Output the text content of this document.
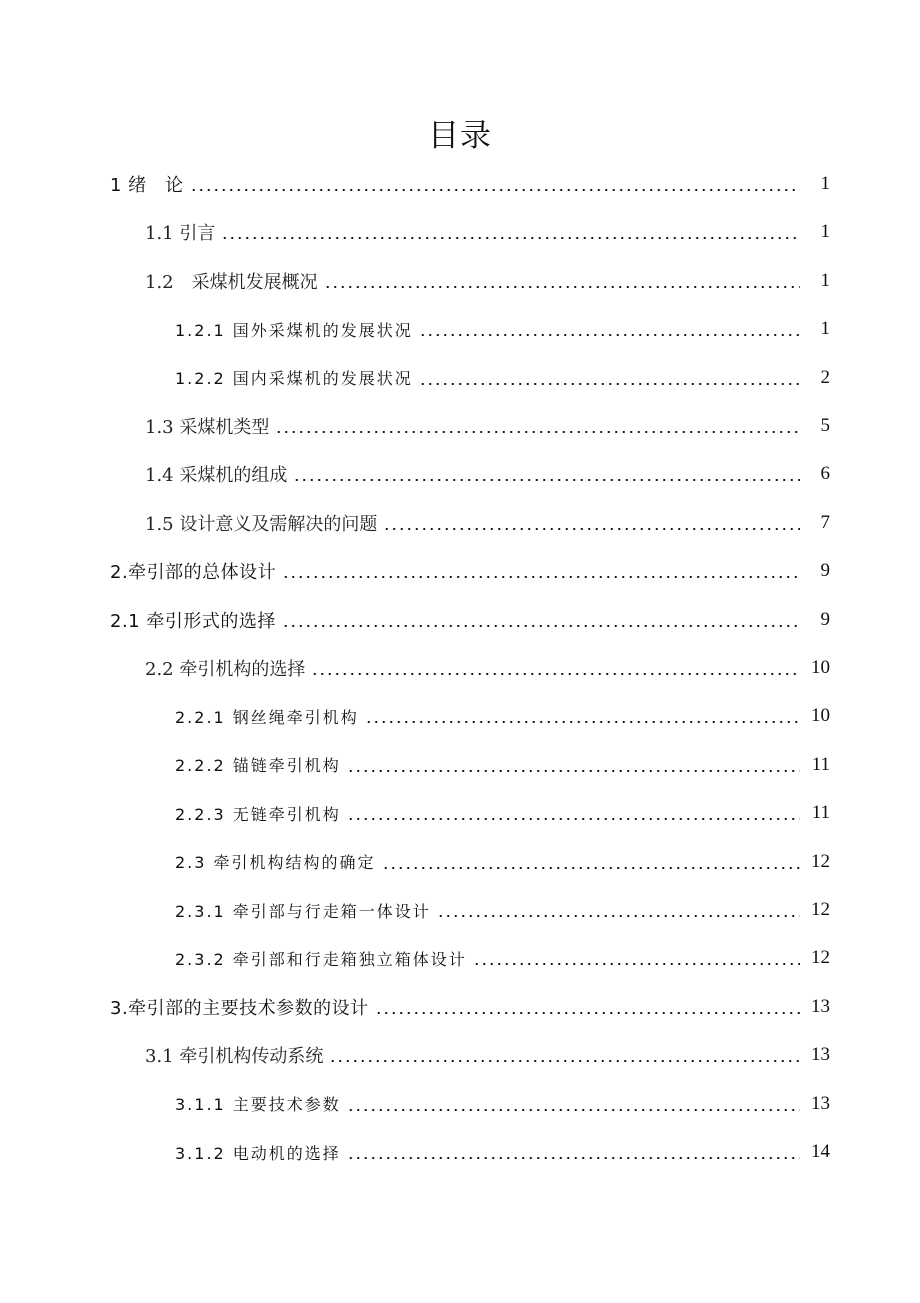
目录
1 绪　论	1
1.1 引言	1
1.2　采煤机发展概况	1
1.2.1 国外采煤机的发展状况	1
1.2.2 国内采煤机的发展状况	2
1.3 采煤机类型	5
1.4 采煤机的组成	6
1.5 设计意义及需解决的问题	7
2.牵引部的总体设计	9
2.1 牵引形式的选择	9
2.2 牵引机构的选择	10
2.2.1 钢丝绳牵引机构	10
2.2.2 锚链牵引机构	11
2.2.3 无链牵引机构	11
2.3 牵引机构结构的确定	12
2.3.1 牵引部与行走箱一体设计	12
2.3.2 牵引部和行走箱独立箱体设计	12
3.牵引部的主要技术参数的设计	13
3.1 牵引机构传动系统	13
3.1.1 主要技术参数	13
3.1.2 电动机的选择	14
